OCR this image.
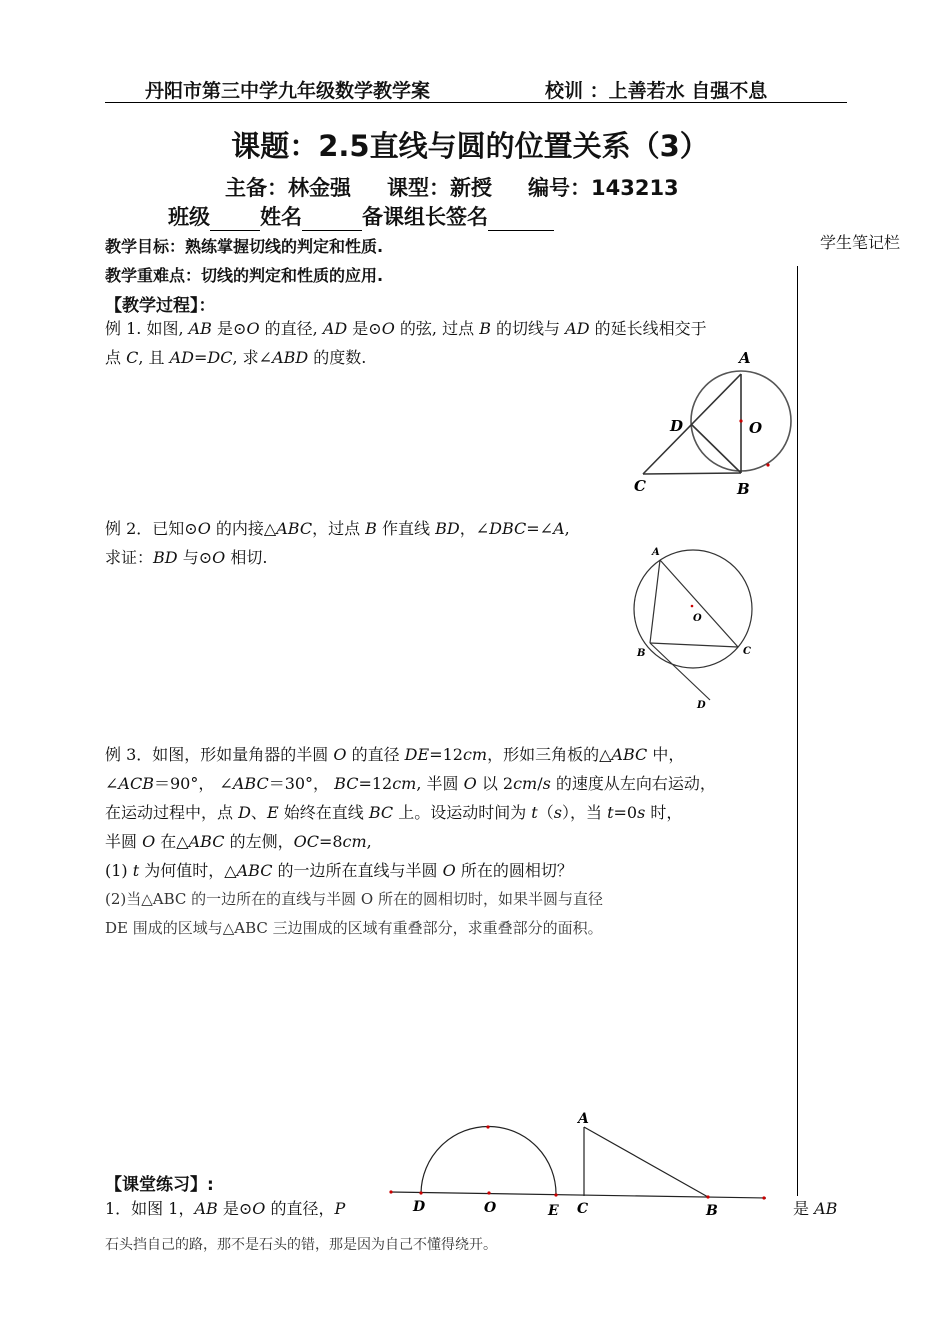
丹阳市第三中学九年级数学教学案	校训 ：上善若水 自强不息
课题：2.5直线与圆的位置关系（3）
主备：林金强 课型：新授 编号：143213
班级 姓名	备课组长签名
学生笔记栏
教学目标：熟练掌握切线的判定和性质.
教学重难点：切线的判定和性质的应用.
【教学过程】：
例 1. 如图, AB 是⊙O 的直径, AD 是⊙O 的弦, 过点 B 的切线与 AD 的延长线相交于
点 C, 且 AD=DC, 求∠ABD 的度数.	A
D	O
C	B
例 2．已知⊙O 的内接△ABC，过点 B 作直线 BD，∠DBC=∠A,
求证：BD 与⊙O 相切.	A
O
B	C
D
例 3．如图，形如量角器的半圆 O 的直径 DE=12cm，形如三角板的△ABC 中，
∠ACB＝90°， ∠ABC＝30°， BC=12cm, 半圆 O 以 2cm/s 的速度从左向右运动，
在运动过程中，点 D、E 始终在直线 BC 上。设运动时间为 t（s），当 t=0s 时，
半圆 O 在△ABC 的左侧，OC=8cm,
(1) t 为何值时，△ABC 的一边所在直线与半圆 O 所在的圆相切？
(2)当△ABC 的一边所在的直线与半圆 O 所在的圆相切时，如果半圆与直径
DE 围成的区域与△ABC 三边围成的区域有重叠部分，求重叠部分的面积。
A
D	O	E C	B
【课堂练习】:
1．如图 1，AB 是⊙O 的直径，P	是 AB
石头挡自己的路，那不是石头的错，那是因为自己不懂得绕开。
